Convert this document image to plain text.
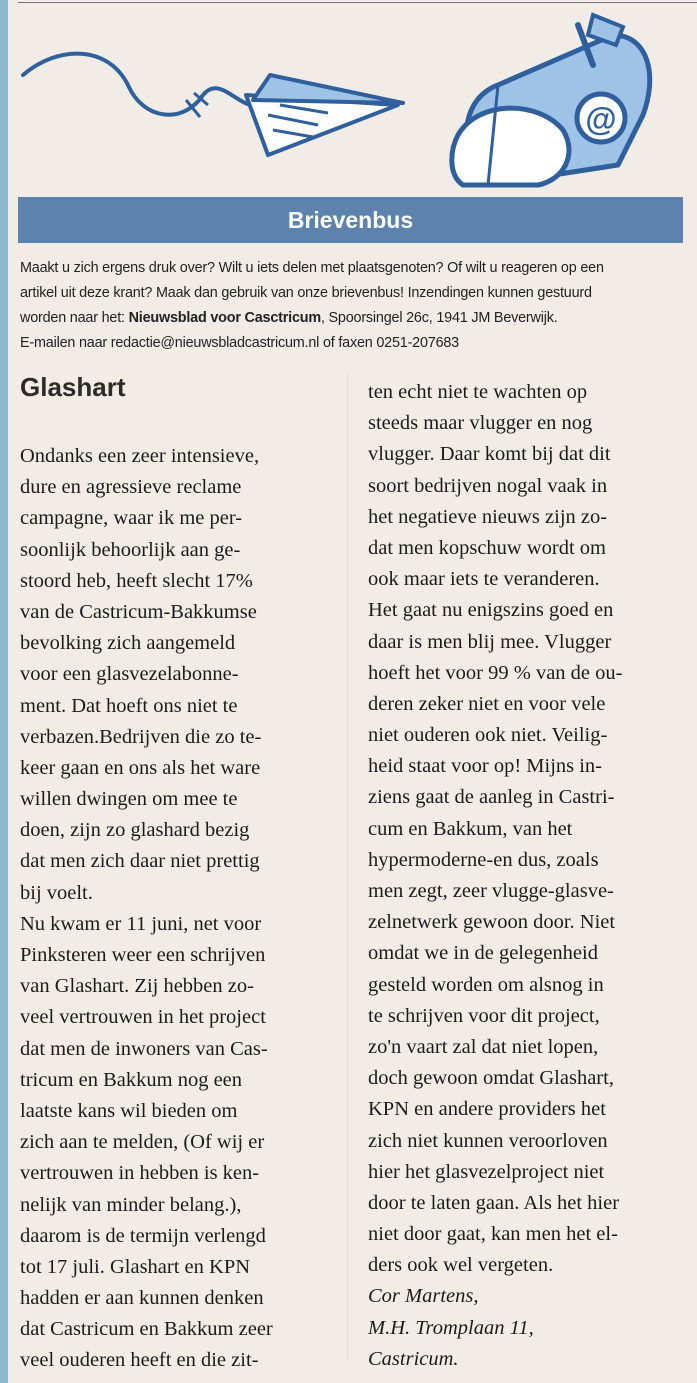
@
Brievenbus

Maakt u zich ergens druk over? Wilt u iets delen met plaatsgenoten? Of wilt u reageren op een

artikel uit deze krant? Maak dan gebruik van onze brievenbus! Inzendingen kunnen gestuurd

worden naar het: Nieuwsblad voor Casctricum, Spoorsingel 26c, 1941 JM Beverwijk.

E-mailen naar redactie@nieuwsbladcastricum.nl of faxen 0251-207683

Glashart
Ondanks een zeer intensieve,
dure en agressieve reclame
campagne, waar ik me per-
soonlijk behoorlijk aan ge-
stoord heb, heeft slecht 17%
van de Castricum-Bakkumse
bevolking zich aangemeld
voor een glasvezelabonne-
ment. Dat hoeft ons niet te
verbazen.Bedrijven die zo te-
keer gaan en ons als het ware
willen dwingen om mee te
doen, zijn zo glashard bezig
dat men zich daar niet prettig
bij voelt.
Nu kwam er 11 juni, net voor
Pinksteren weer een schrijven
van Glashart. Zij hebben zo-
veel vertrouwen in het project
dat men de inwoners van Cas-
tricum en Bakkum nog een
laatste kans wil bieden om
zich aan te melden, (Of wij er
vertrouwen in hebben is ken-
nelijk van minder belang.),
daarom is de termijn verlengd
tot 17 juli. Glashart en KPN
hadden er aan kunnen denken
dat Castricum en Bakkum zeer
veel ouderen heeft en die zit-
ten echt niet te wachten op
steeds maar vlugger en nog
vlugger. Daar komt bij dat dit
soort bedrijven nogal vaak in
het negatieve nieuws zijn zo-
dat men kopschuw wordt om
ook maar iets te veranderen.
Het gaat nu enigszins goed en
daar is men blij mee. Vlugger
hoeft het voor 99 % van de ou-
deren zeker niet en voor vele
niet ouderen ook niet. Veilig-
heid staat voor op! Mijns in-
ziens gaat de aanleg in Castri-
cum en Bakkum, van het
hypermoderne-en dus, zoals
men zegt, zeer vlugge-glasve-
zelnetwerk gewoon door. Niet
omdat we in de gelegenheid
gesteld worden om alsnog in
te schrijven voor dit project,
zo'n vaart zal dat niet lopen,
doch gewoon omdat Glashart,
KPN en andere providers het
zich niet kunnen veroorloven
hier het glasvezelproject niet
door te laten gaan. Als het hier
niet door gaat, kan men het el-
ders ook wel vergeten.
Cor Martens,
M.H. Tromplaan 11,
Castricum.
